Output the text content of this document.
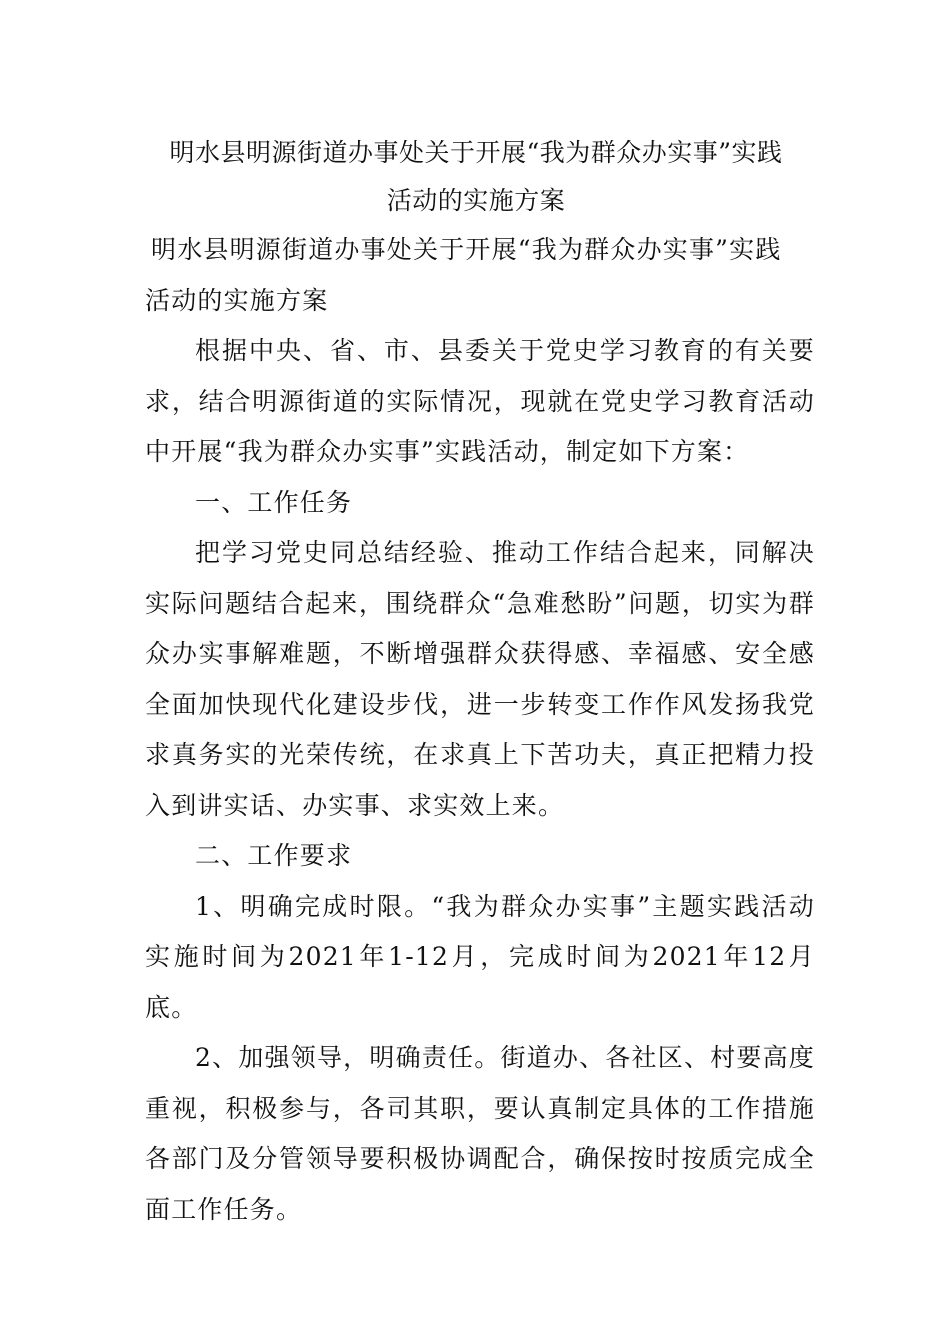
明水县明源街道办事处关于开展“我为群众办实事”实践
活动的实施方案

明水县明源街道办事处关于开展“我为群众办实事”实践
活动的实施方案

根据中央、省、市、县委关于党史学习教育的有关要求，结合明源街道的实际情况，现就在党史学习教育活动中开展“我为群众办实事”实践活动，制定如下方案：

一、工作任务

把学习党史同总结经验、推动工作结合起来，同解决实际问题结合起来，围绕群众“急难愁盼”问题，切实为群众办实事解难题，不断增强群众获得感、幸福感、安全感全面加快现代化建设步伐，进一步转变工作作风发扬我党求真务实的光荣传统，在求真上下苦功夫，真正把精力投入到讲实话、办实事、求实效上来。

二、工作要求

1、明确完成时限。“我为群众办实事”主题实践活动实施时间为2021年1-12月，完成时间为2021年12月底。

2、加强领导，明确责任。街道办、各社区、村要高度重视，积极参与，各司其职，要认真制定具体的工作措施各部门及分管领导要积极协调配合，确保按时按质完成全面工作任务。
